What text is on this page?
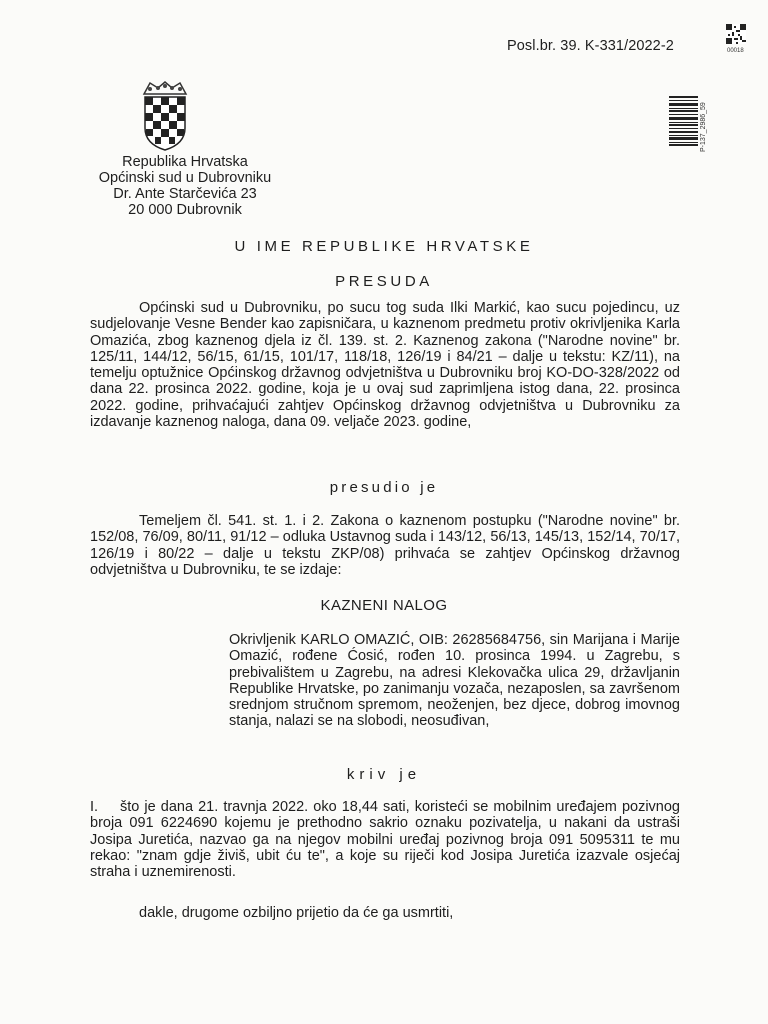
Posl.br. 39. K-331/2022-2	00018
P-137_2986_59
Republika Hrvatska
Općinski sud u Dubrovniku
Dr. Ante Starčevića 23
20 000 Dubrovnik
U IME REPUBLIKE HRVATSKE
PRESUDA
Općinski sud u Dubrovniku, po sucu tog suda Ilki Markić, kao sucu pojedincu, uz sudjelovanje Vesne Bender kao zapisničara, u kaznenom predmetu protiv okrivljenika Karla Omazića, zbog kaznenog djela iz čl. 139. st. 2. Kaznenog zakona ("Narodne novine" br. 125/11, 144/12, 56/15, 61/15, 101/17, 118/18, 126/19 i 84/21 – dalje u tekstu: KZ/11), na temelju optužnice Općinskog državnog odvjetništva u Dubrovniku broj KO-DO-328/2022 od dana 22. prosinca 2022. godine, koja je u ovaj sud zaprimljena istog dana, 22. prosinca 2022. godine, prihvaćajući zahtjev Općinskog državnog odvjetništva u Dubrovniku za izdavanje kaznenog naloga, dana 09. veljače 2023. godine,
presudio je
Temeljem čl. 541. st. 1. i 2. Zakona o kaznenom postupku ("Narodne novine" br. 152/08, 76/09, 80/11, 91/12 – odluka Ustavnog suda i 143/12, 56/13, 145/13, 152/14, 70/17, 126/19 i 80/22 – dalje u tekstu ZKP/08) prihvaća se zahtjev Općinskog državnog odvjetništva u Dubrovniku, te se izdaje:
KAZNENI NALOG
Okrivljenik KARLO OMAZIĆ, OIB: 26285684756, sin Marijana i Marije Omazić, rođene Ćosić, rođen 10. prosinca 1994. u Zagrebu, s prebivalištem u Zagrebu, na adresi Klekovačka ulica 29, državljanin Republike Hrvatske, po zanimanju vozača, nezaposlen, sa završenom srednjom stručnom spremom, neoženjen, bez djece, dobrog imovnog stanja, nalazi se na slobodi, neosuđivan,
kriv je
I.	što je dana 21. travnja 2022. oko 18,44 sati, koristeći se mobilnim uređajem pozivnog broja 091 6224690 kojemu je prethodno sakrio oznaku pozivatelja, u nakani da ustraši Josipa Juretića, nazvao ga na njegov mobilni uređaj pozivnog broja 091 5095311 te mu rekao: "znam gdje živiš, ubit ću te", a koje su riječi kod Josipa Juretića izazvale osjećaj straha i uznemirenosti.
dakle, drugome ozbiljno prijetio da će ga usmrtiti,
